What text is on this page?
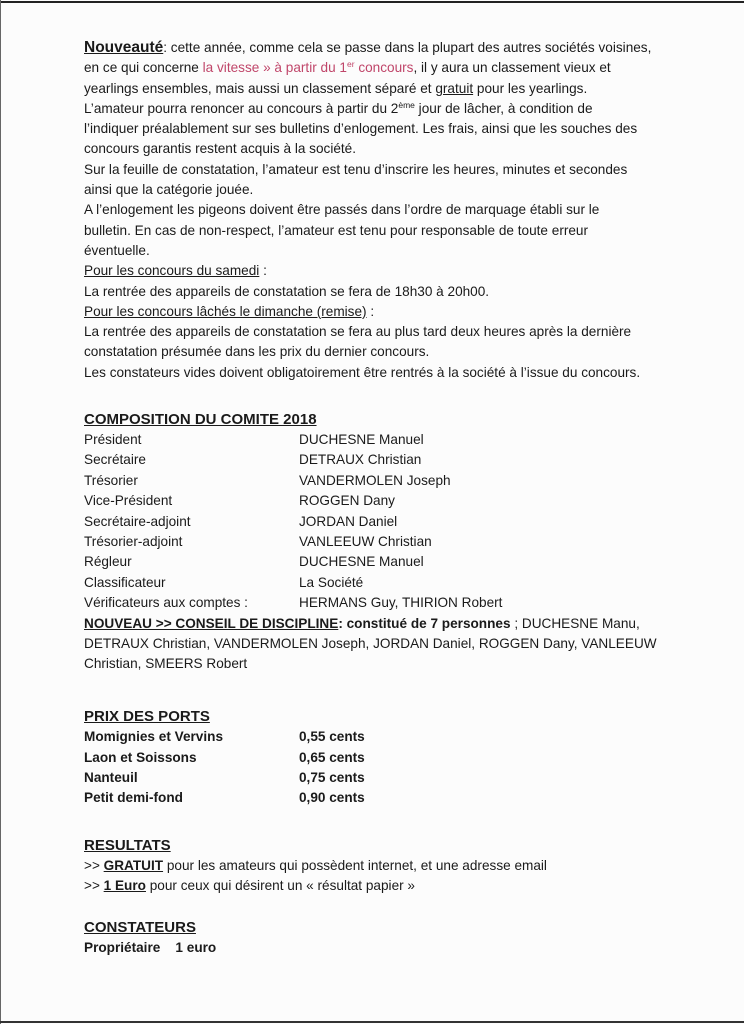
Nouveauté: cette année, comme cela se passe dans la plupart des autres sociétés voisines,

en ce qui concerne la vitesse » à partir du 1er concours, il y aura un classement vieux et

yearlings ensembles, mais aussi un classement séparé et gratuit pour les yearlings.

L’amateur pourra renoncer au concours à partir du 2ème jour de lâcher, à condition de

l’indiquer préalablement sur ses bulletins d’enlogement. Les frais, ainsi que les souches des

concours garantis restent acquis à la société.

Sur la feuille de constatation, l’amateur est tenu d’inscrire les heures, minutes et secondes

ainsi que la catégorie jouée.

A l’enlogement les pigeons doivent être passés dans l’ordre de marquage établi sur le

bulletin. En cas de non-respect, l’amateur est tenu pour responsable de toute erreur

éventuelle.

Pour les concours du samedi :

La rentrée des appareils de constatation se fera de 18h30 à 20h00.

Pour les concours lâchés le dimanche (remise) :

La rentrée des appareils de constatation se fera au plus tard deux heures après la dernière

constatation présumée dans les prix du dernier concours.

Les constateurs vides doivent obligatoirement être rentrés à la société à l’issue du concours.

COMPOSITION DU COMITE 2018

Président	DUCHESNE Manuel
Secrétaire	DETRAUX Christian
Trésorier	VANDERMOLEN Joseph
Vice-Président	ROGGEN Dany
Secrétaire-adjoint	JORDAN Daniel
Trésorier-adjoint	VANLEEUW Christian
Régleur	DUCHESNE Manuel
Classificateur	La Société
Vérificateurs aux comptes :	HERMANS Guy, THIRION Robert

NOUVEAU >> CONSEIL DE DISCIPLINE: constitué de 7 personnes ; DUCHESNE Manu,

DETRAUX Christian, VANDERMOLEN Joseph, JORDAN Daniel, ROGGEN Dany, VANLEEUW

Christian, SMEERS Robert

PRIX DES PORTS

Momignies et Vervins	0,55 cents
Laon et Soissons	0,65 cents
Nanteuil	0,75 cents
Petit demi-fond	0,90 cents

RESULTATS

>> GRATUIT pour les amateurs qui possèdent internet, et une adresse email

>> 1 Euro pour ceux qui désirent un « résultat papier »

CONSTATEURS

Propriétaire 1 euro
